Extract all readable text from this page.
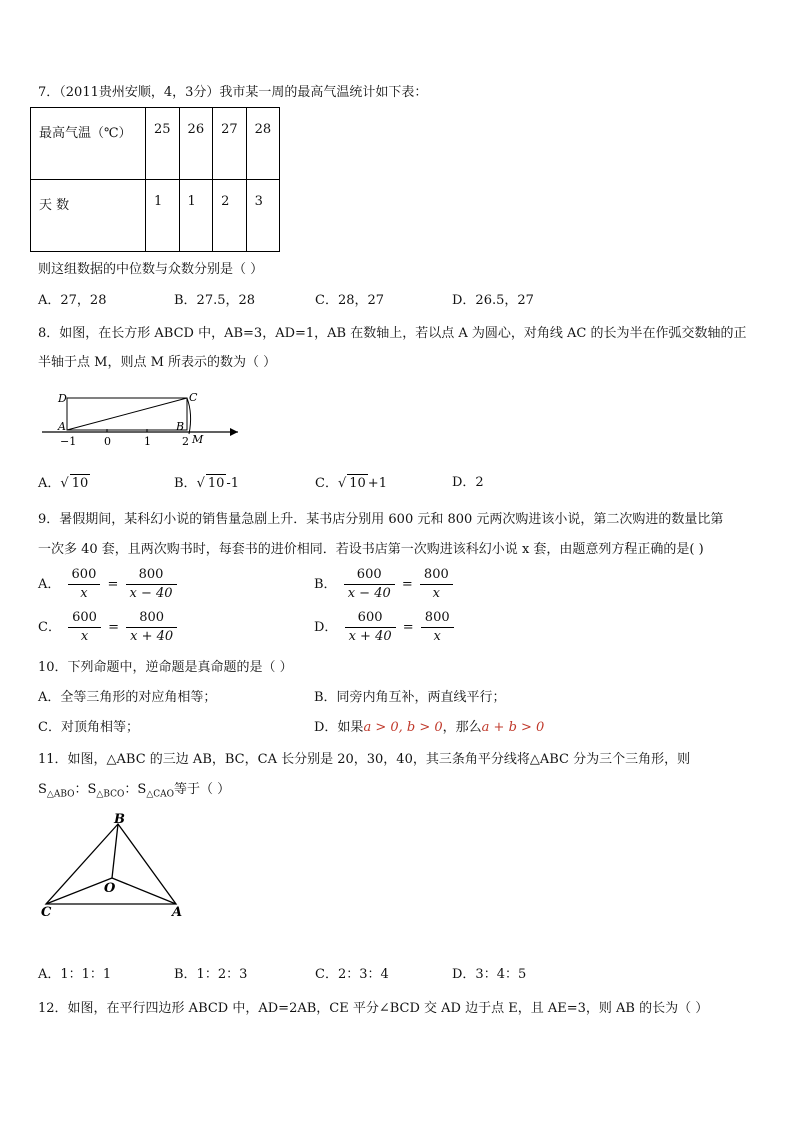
7．（2011贵州安顺，4，3分）我市某一周的最高气温统计如下表：
最高气温（℃）	25	26	27	28
天 数	1	1	2	3
则这组数据的中位数与众数分别是（ ）
A．27，28	B．27.5，28	C．28，27	D．26.5，27
8．如图，在长方形 ABCD 中，AB=3，AD=1，AB 在数轴上，若以点 A 为圆心，对角线 AC 的长为半在作弧交数轴的正
半轴于点 M，则点 M 所表示的数为（ ）
D	C
A	B
M
−1	0	1	2
A．√ 10	B．√ 10 -1	C．√ 10 +1	D．2
9．暑假期间，某科幻小说的销售量急剧上升．某书店分别用 600 元和 800 元两次购进该小说，第二次购进的数量比第
一次多 40 套，且两次购书时，每套书的进价相同．若设书店第一次购进该科幻小说 x 套，由题意列方程正确的是( )
A． $\frac{600}{x} = \frac{800}{x - 40}$	B． $\frac{600}{x - 40} = \frac{800}{x}$
C． $\frac{600}{x} = \frac{800}{x + 40}$	D． $\frac{600}{x + 40} = \frac{800}{x}$
10．下列命题中，逆命题是真命题的是（ ）
A．全等三角形的对应角相等；	B．同旁内角互补，两直线平行；
C．对顶角相等；	D．如果a > 0, b > 0，那么a + b > 0
11．如图，△ABC 的三边 AB，BC，CA 长分别是 20，30，40，其三条角平分线将△ABC 分为三个三角形，则
$S_{\triangle ABO}$：$S_{\triangle BCO}$：$S_{\triangle CAO}$等于（ ）
B
O
C	A
A．1：1：1	B．1：2：3	C．2：3：4	D．3：4：5
12．如图，在平行四边形 ABCD 中，AD=2AB，CE 平分∠BCD 交 AD 边于点 E，且 AE=3，则 AB 的长为（ ）
